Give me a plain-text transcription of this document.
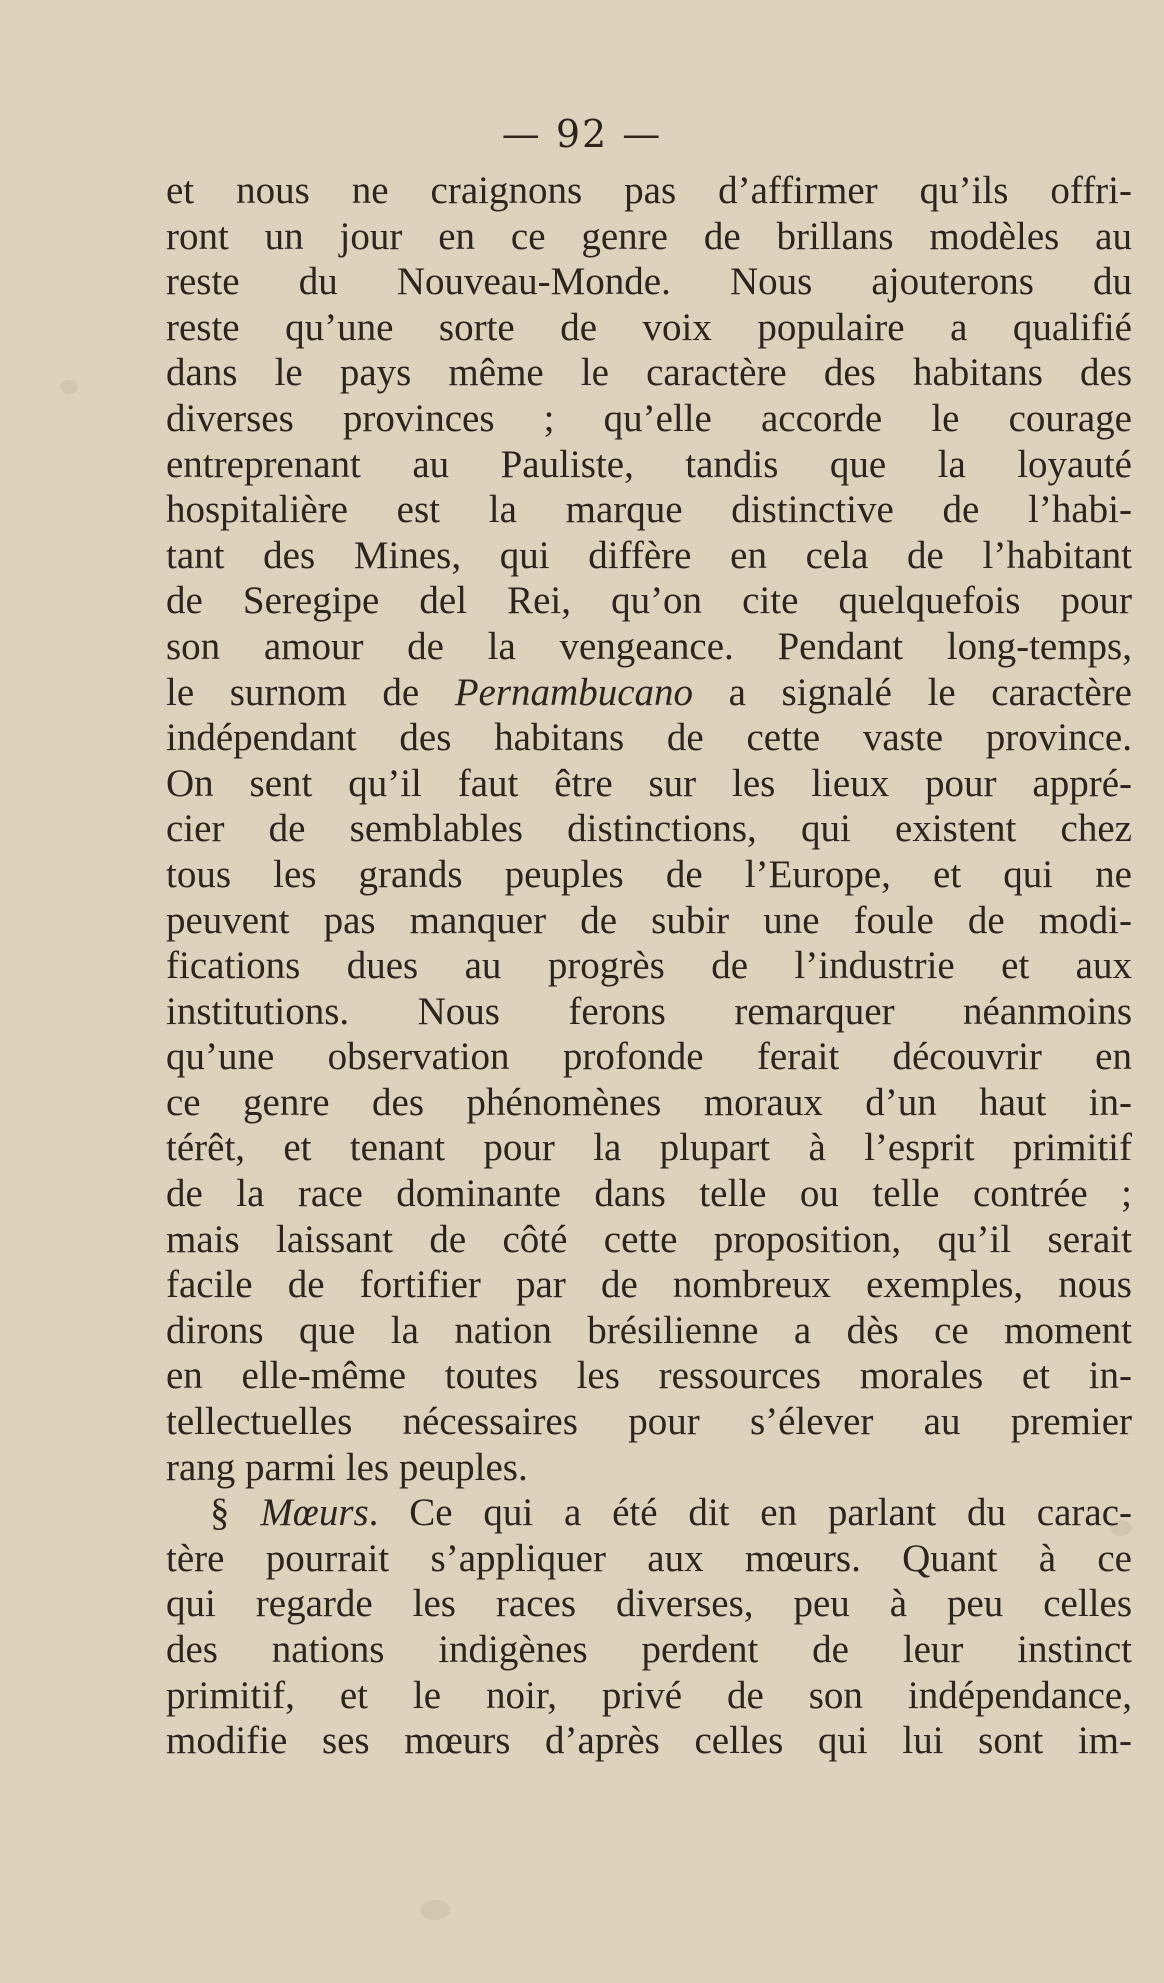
— 92 —
et nous ne craignons pas d’affirmer qu’ils offri-
ront un jour en ce genre de brillans modèles au
reste du Nouveau-Monde. Nous ajouterons du
reste qu’une sorte de voix populaire a qualifié
dans le pays même le caractère des habitans des
diverses provinces ; qu’elle accorde le courage
entreprenant au Pauliste, tandis que la loyauté
hospitalière est la marque distinctive de l’habi-
tant des Mines, qui diffère en cela de l’habitant
de Seregipe del Rei, qu’on cite quelquefois pour
son amour de la vengeance. Pendant long-temps,
le surnom de Pernambucano a signalé le caractère
indépendant des habitans de cette vaste province.
On sent qu’il faut être sur les lieux pour appré-
cier de semblables distinctions, qui existent chez
tous les grands peuples de l’Europe, et qui ne
peuvent pas manquer de subir une foule de modi-
fications dues au progrès de l’industrie et aux
institutions. Nous ferons remarquer néanmoins
qu’une observation profonde ferait découvrir en
ce genre des phénomènes moraux d’un haut in-
térêt, et tenant pour la plupart à l’esprit primitif
de la race dominante dans telle ou telle contrée ;
mais laissant de côté cette proposition, qu’il serait
facile de fortifier par de nombreux exemples, nous
dirons que la nation brésilienne a dès ce moment
en elle-même toutes les ressources morales et in-
tellectuelles nécessaires pour s’élever au premier
rang parmi les peuples.
§ Mœurs. Ce qui a été dit en parlant du carac-
tère pourrait s’appliquer aux mœurs. Quant à ce
qui regarde les races diverses, peu à peu celles
des nations indigènes perdent de leur instinct
primitif, et le noir, privé de son indépendance,
modifie ses mœurs d’après celles qui lui sont im-
